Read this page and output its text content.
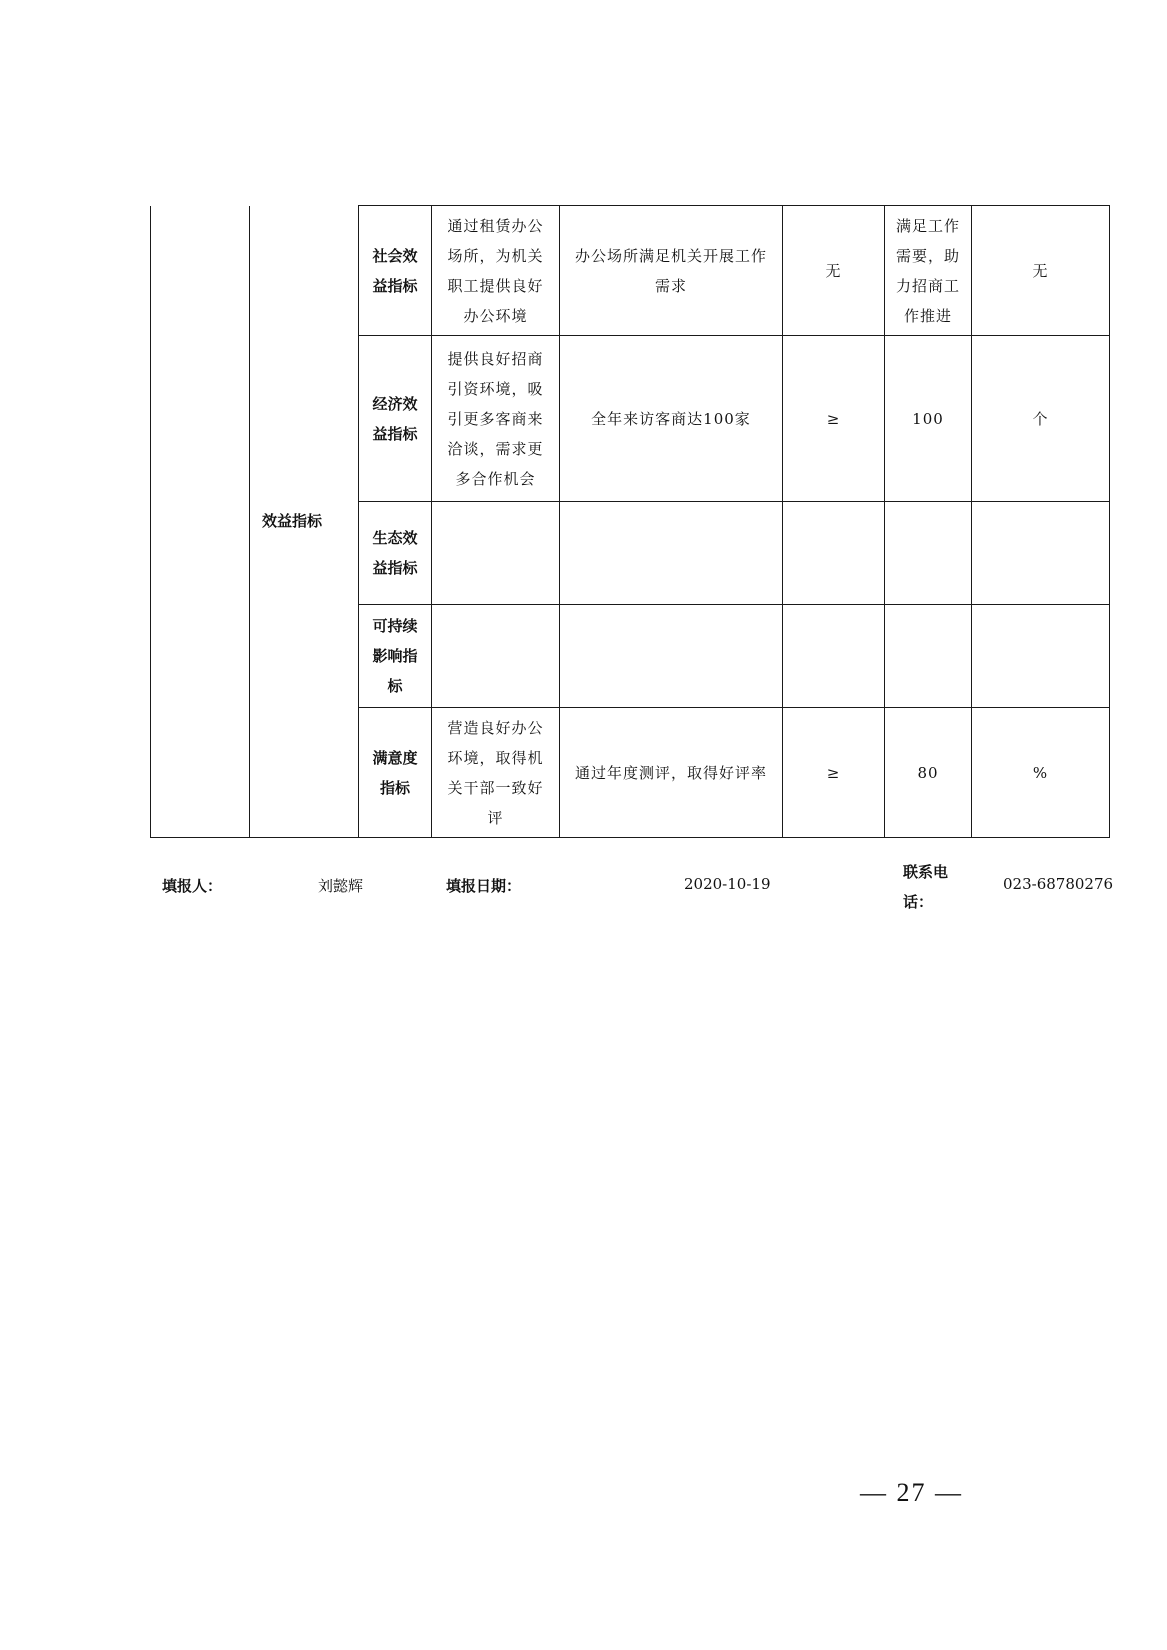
	效益指标	社会效益指标	通过租赁办公场所，为机关职工提供良好办公环境	办公场所满足机关开展工作需求	无	满足工作需要，助力招商工作推进	无
		经济效益指标	提供良好招商引资环境，吸引更多客商来洽谈，需求更多合作机会	全年来访客商达100家	≥	100	个
		生态效益指标					
		可持续影响指标					
		满意度指标	营造良好办公环境，取得机关干部一致好评	通过年度测评，取得好评率	≥	80	%
填报人：	刘懿辉	填报日期：	2020-10-19
联系电话：
023-68780276
— 27 —
